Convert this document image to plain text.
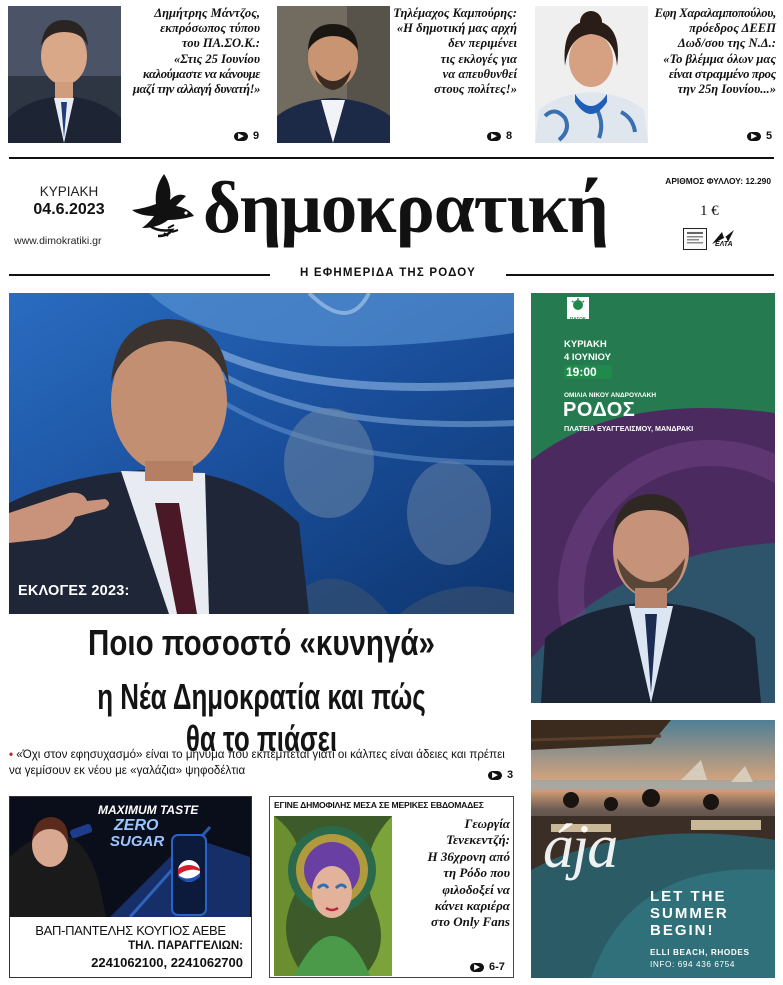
Δημήτρης Μάντζος,
εκπρόσωπος τύπου
του ΠΑ.ΣΟ.Κ.:
«Στις 25 Ιουνίου
καλούμαστε να κάνουμε
μαζί την αλλαγή δυνατή!»
▶ 9
Τηλέμαχος Καμπούρης:
«Η δημοτική μας αρχή
δεν περιμένει
τις εκλογές για
να απευθυνθεί
στους πολίτες!»
▶ 8
Εφη Χαραλαμποπούλου,
πρόεδρος ΔΕΕΠ
Δωδ/σου της Ν.Δ.:
«Το βλέμμα όλων μας
είναι στραμμένο προς
την 25η Ιουνίου...»
▶ 5
ΚΥΡΙΑΚΗ
04.6.2023
www.dimokratiki.gr δημοκρατική	ΑΡΙΘΜΟΣ ΦΥΛΛΟΥ: 12.290
1 €
ΕΛΤΑ
Η ΕΦΗΜΕΡΙΔΑ ΤΗΣ ΡΟΔΟΥ
ΕΚΛΟΓΕΣ 2023:
Ποιο ποσοστό «κυνηγά»
η Νέα Δημοκρατία και πώς θα το πιάσει
• «Όχι στον εφησυχασμό» είναι το μήνυμα που εκπέμπεται γιατί οι κάλπες είναι άδειες και πρέπει
να γεμίσουν εκ νέου με «γαλάζια» ψηφοδέλτια	▶ 3
ΠΑΣΟΚ
ΚΥΡΙΑΚΗ
4 ΙΟΥΝΙΟΥ
19:00
ΟΜΙΛΙΑ ΝΙΚΟΥ ΑΝΔΡΟΥΛΑΚΗ
ΡΟΔΟΣ
ΠΛΑΤΕΙΑ ΕΥΑΓΓΕΛΙΣΜΟΥ, ΜΑΝΔΡΑΚΙ
MAXIMUM TASTE
ZERO
SUGAR
ΒΑΠ-ΠΑΝΤΕΛΗΣ ΚΟΥΓΙΟΣ ΑΕΒΕ
ΤΗΛ. ΠΑΡΑΓΓΕΛΙΩΝ:
2241062100, 2241062700
ΕΓΙΝΕ ΔΗΜΟΦΙΛΗΣ ΜΕΣΑ ΣΕ ΜΕΡΙΚΕΣ ΕΒΔΟΜΑΔΕΣ
Γεωργία
Τενεκεντζή:
Η 36χρονη από
τη Ρόδο που
φιλοδοξεί να
κάνει καριέρα
στο Only Fans
▶ 6-7
ája
LET THE
SUMMER
BEGIN!
ELLI BEACH, RHODES
INFO: 694 436 6754
